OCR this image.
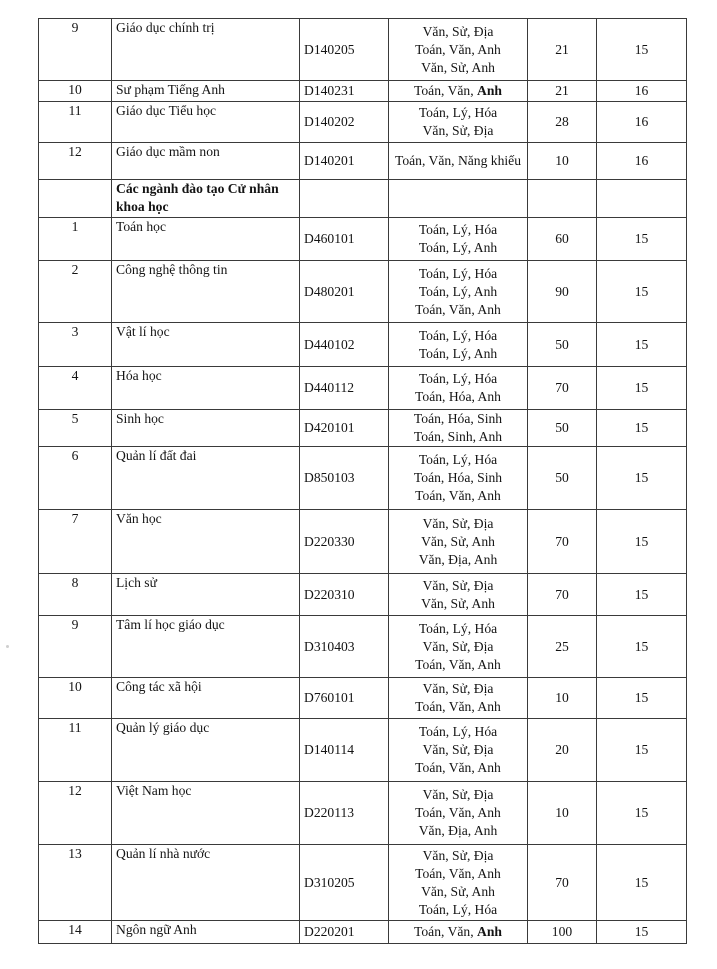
9	Giáo dục chính trị	D140205	Văn, Sử, Địa
Toán, Văn, Anh
Văn, Sử, Anh	21	15
10	Sư phạm Tiếng Anh	D140231	Toán, Văn, Anh	21	16
11	Giáo dục Tiểu học	D140202	Toán, Lý, Hóa
Văn, Sử, Địa	28	16
12	Giáo dục mầm non	D140201	Toán, Văn, Năng khiếu	10	16
	Các ngành đào tạo Cử nhân khoa học				
1	Toán học	D460101	Toán, Lý, Hóa
Toán, Lý, Anh	60	15
2	Công nghệ thông tin	D480201	Toán, Lý, Hóa
Toán, Lý, Anh
Toán, Văn, Anh	90	15
3	Vật lí học	D440102	Toán, Lý, Hóa
Toán, Lý, Anh	50	15
4	Hóa học	D440112	Toán, Lý, Hóa
Toán, Hóa, Anh	70	15
5	Sinh học	D420101	Toán, Hóa, Sinh
Toán, Sinh, Anh	50	15
6	Quản lí đất đai	D850103	Toán, Lý, Hóa
Toán, Hóa, Sinh
Toán, Văn, Anh	50	15
7	Văn học	D220330	Văn, Sử, Địa
Văn, Sử, Anh
Văn, Địa, Anh	70	15
8	Lịch sử	D220310	Văn, Sử, Địa
Văn, Sử, Anh	70	15
9	Tâm lí học giáo dục	D310403	Toán, Lý, Hóa
Văn, Sử, Địa
Toán, Văn, Anh	25	15
10	Công tác xã hội	D760101	Văn, Sử, Địa
Toán, Văn, Anh	10	15
11	Quản lý giáo dục	D140114	Toán, Lý, Hóa
Văn, Sử, Địa
Toán, Văn, Anh	20	15
12	Việt Nam học	D220113	Văn, Sử, Địa
Toán, Văn, Anh
Văn, Địa, Anh	10	15
13	Quản lí nhà nước	D310205	Văn, Sử, Địa
Toán, Văn, Anh
Văn, Sử, Anh
Toán, Lý, Hóa	70	15
14	Ngôn ngữ Anh	D220201	Toán, Văn, Anh	100	15
